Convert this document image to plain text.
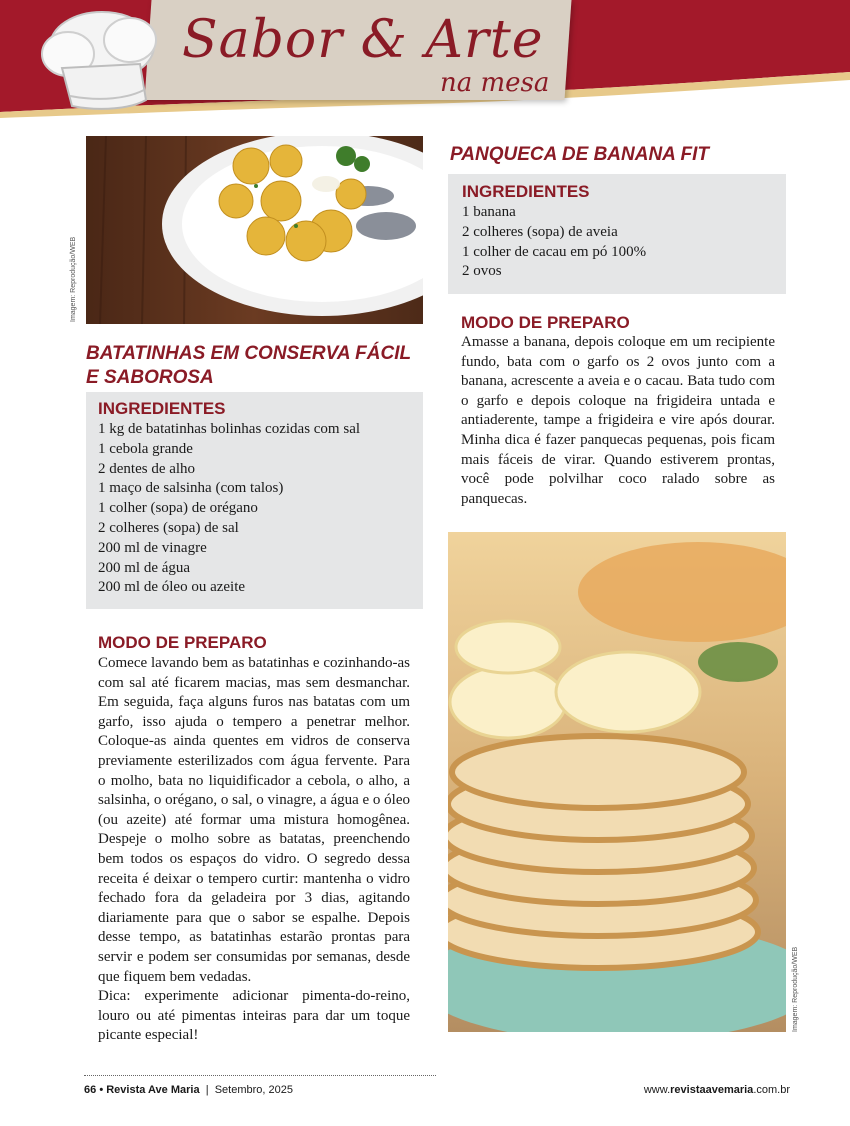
Sabor & Arte
na mesa
Imagem: Reprodução/WEB
BATATINHAS EM CONSERVA FÁCIL E SABOROSA
INGREDIENTES
1 kg de batatinhas bolinhas cozidas com sal
1 cebola grande
2 dentes de alho
1 maço de salsinha (com talos)
1 colher (sopa) de orégano
2 colheres (sopa) de sal
200 ml de vinagre
200 ml de água
200 ml de óleo ou azeite
MODO DE PREPARO

Comece lavando bem as batatinhas e cozinhando-as com sal até ficarem macias, mas sem desmanchar. Em seguida, faça alguns furos nas batatas com um garfo, isso ajuda o tempero a penetrar melhor. Coloque-as ainda quentes em vidros de conserva previamente esterilizados com água fervente. Para o molho, bata no liquidificador a cebola, o alho, a salsinha, o orégano, o sal, o vinagre, a água e o óleo (ou azeite) até formar uma mistura homogênea. Despeje o molho sobre as batatas, preenchendo bem todos os espaços do vidro. O segredo dessa receita é deixar o tempero curtir: mantenha o vidro fechado fora da geladeira por 3 dias, agitando diariamente para que o sabor se espalhe. Depois desse tempo, as batatinhas estarão prontas para servir e podem ser consumidas por semanas, desde que fiquem bem vedadas.

Dica: experimente adicionar pimenta-do-reino, louro ou até pimentas inteiras para dar um toque picante especial!

PANQUECA DE BANANA FIT
INGREDIENTES
1 banana
2 colheres (sopa) de aveia
1 colher de cacau em pó 100%
2 ovos
MODO DE PREPARO

Amasse a banana, depois coloque em um recipiente fundo, bata com o garfo os 2 ovos junto com a banana, acrescente a aveia e o cacau. Bata tudo com o garfo e depois coloque na frigideira untada e antiaderente, tampe a frigideira e vire após dourar. Minha dica é fazer panquecas pequenas, pois ficam mais fáceis de virar. Quando estiverem prontas, você pode polvilhar coco ralado sobre as panquecas.

Imagem: Reprodução/WEB
66 • Revista Ave Maria  |  Setembro, 2025	www.revistaavemaria.com.br
